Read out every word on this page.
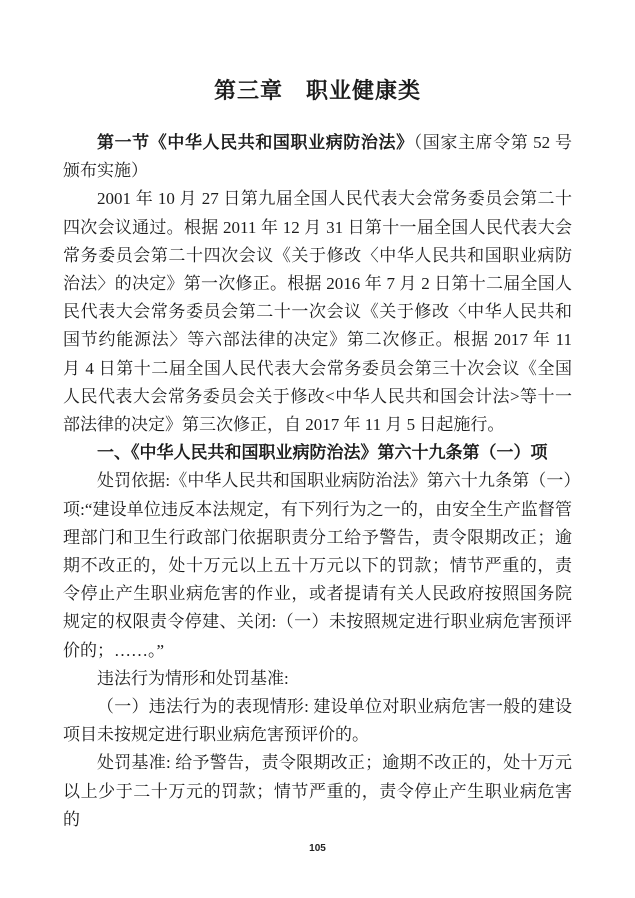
第三章　职业健康类

第一节《中华人民共和国职业病防治法》（国家主席令第 52 号颁布实施）

2001 年 10 月 27 日第九届全国人民代表大会常务委员会第二十四次会议通过。根据 2011 年 12 月 31 日第十一届全国人民代表大会常务委员会第二十四次会议《关于修改〈中华人民共和国职业病防治法〉的决定》第一次修正。根据 2016 年 7 月 2 日第十二届全国人民代表大会常务委员会第二十一次会议《关于修改〈中华人民共和国节约能源法〉等六部法律的决定》第二次修正。根据 2017 年 11 月 4 日第十二届全国人民代表大会常务委员会第三十次会议《全国人民代表大会常务委员会关于修改<中华人民共和国会计法>等十一部法律的决定》第三次修正，自 2017 年 11 月 5 日起施行。

一、《中华人民共和国职业病防治法》第六十九条第（一）项

处罚依据:《中华人民共和国职业病防治法》第六十九条第（一）项:“建设单位违反本法规定，有下列行为之一的，由安全生产监督管理部门和卫生行政部门依据职责分工给予警告，责令限期改正；逾期不改正的，处十万元以上五十万元以下的罚款；情节严重的，责令停止产生职业病危害的作业，或者提请有关人民政府按照国务院规定的权限责令停建、关闭:（一）未按照规定进行职业病危害预评价的；……。”

违法行为情形和处罚基准:

（一）违法行为的表现情形: 建设单位对职业病危害一般的建设项目未按规定进行职业病危害预评价的。

处罚基准: 给予警告，责令限期改正；逾期不改正的，处十万元以上少于二十万元的罚款；情节严重的，责令停止产生职业病危害的

105
